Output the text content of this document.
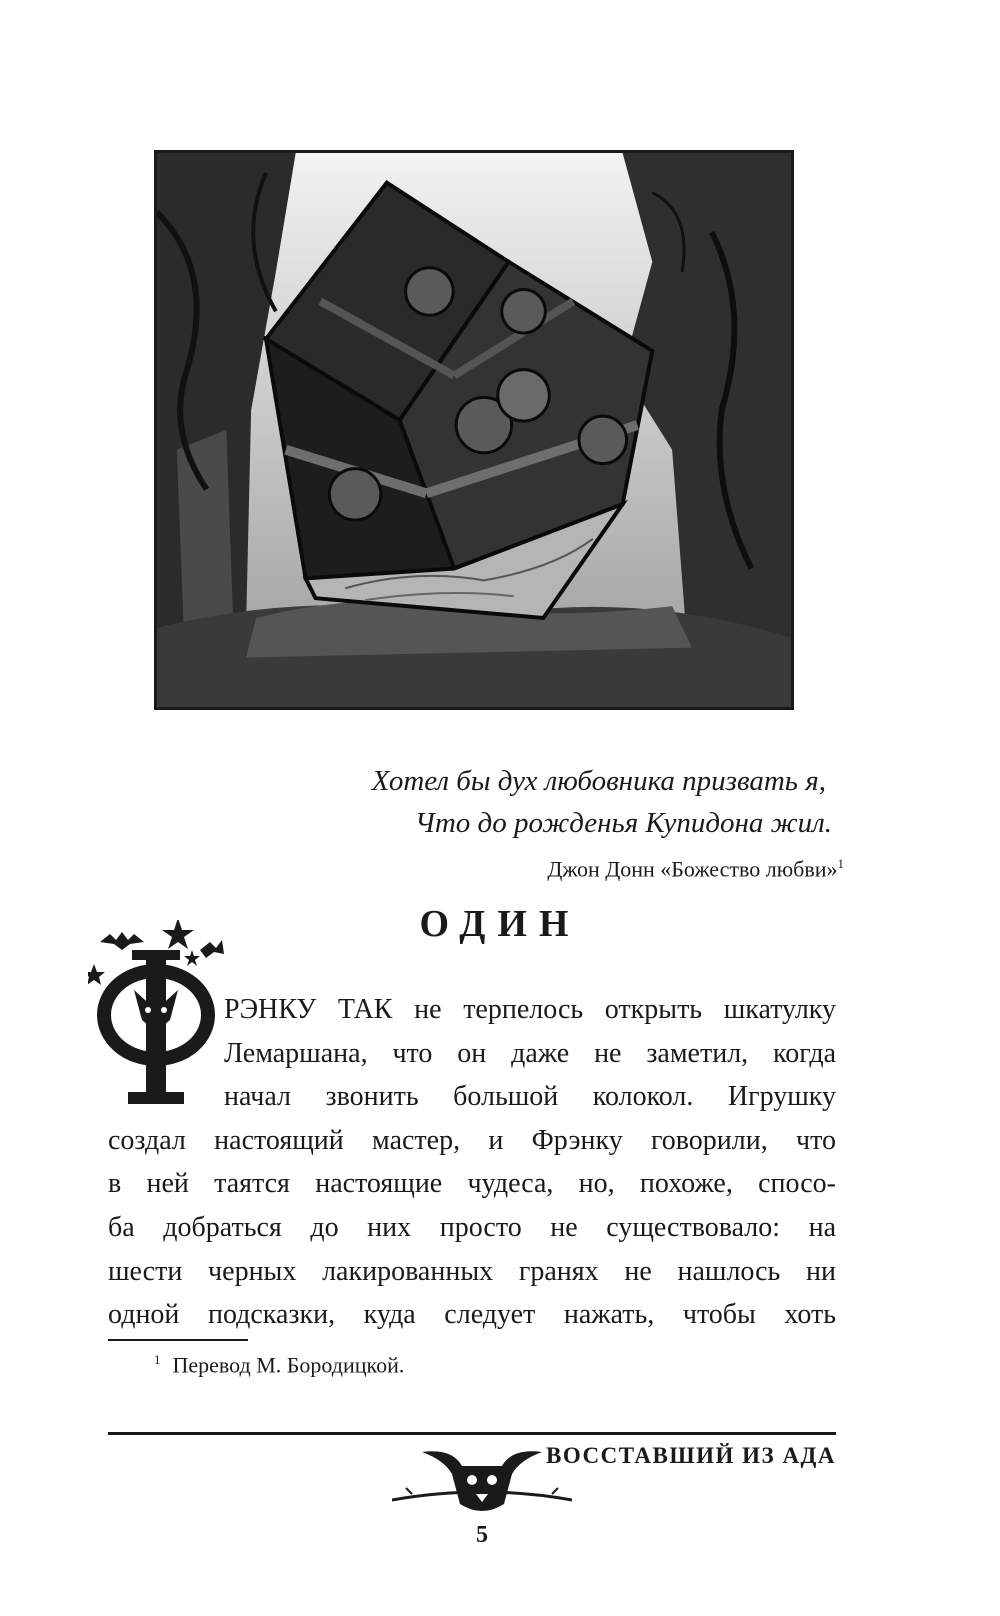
Хотел бы дух любовника призвать я,
Что до рожденья Купидона жил.
Джон Донн «Божество любви»$^1$
ОДИН
РЭНКУ ТАК не терпелось открыть шкатулку
Лемаршана, что он даже не заметил, когда
начал звонить большой колокол. Игрушку
создал настоящий мастер, и Фрэнку говорили, что
в ней таятся настоящие чудеса, но, похоже, спосо-
ба добраться до них просто не существовало: на
шести черных лакированных гранях не нашлось ни
одной подсказки, куда следует нажать, чтобы хоть
$^1$ Перевод М. Бородицкой.
ВОССТАВШИЙ ИЗ АДА
5
